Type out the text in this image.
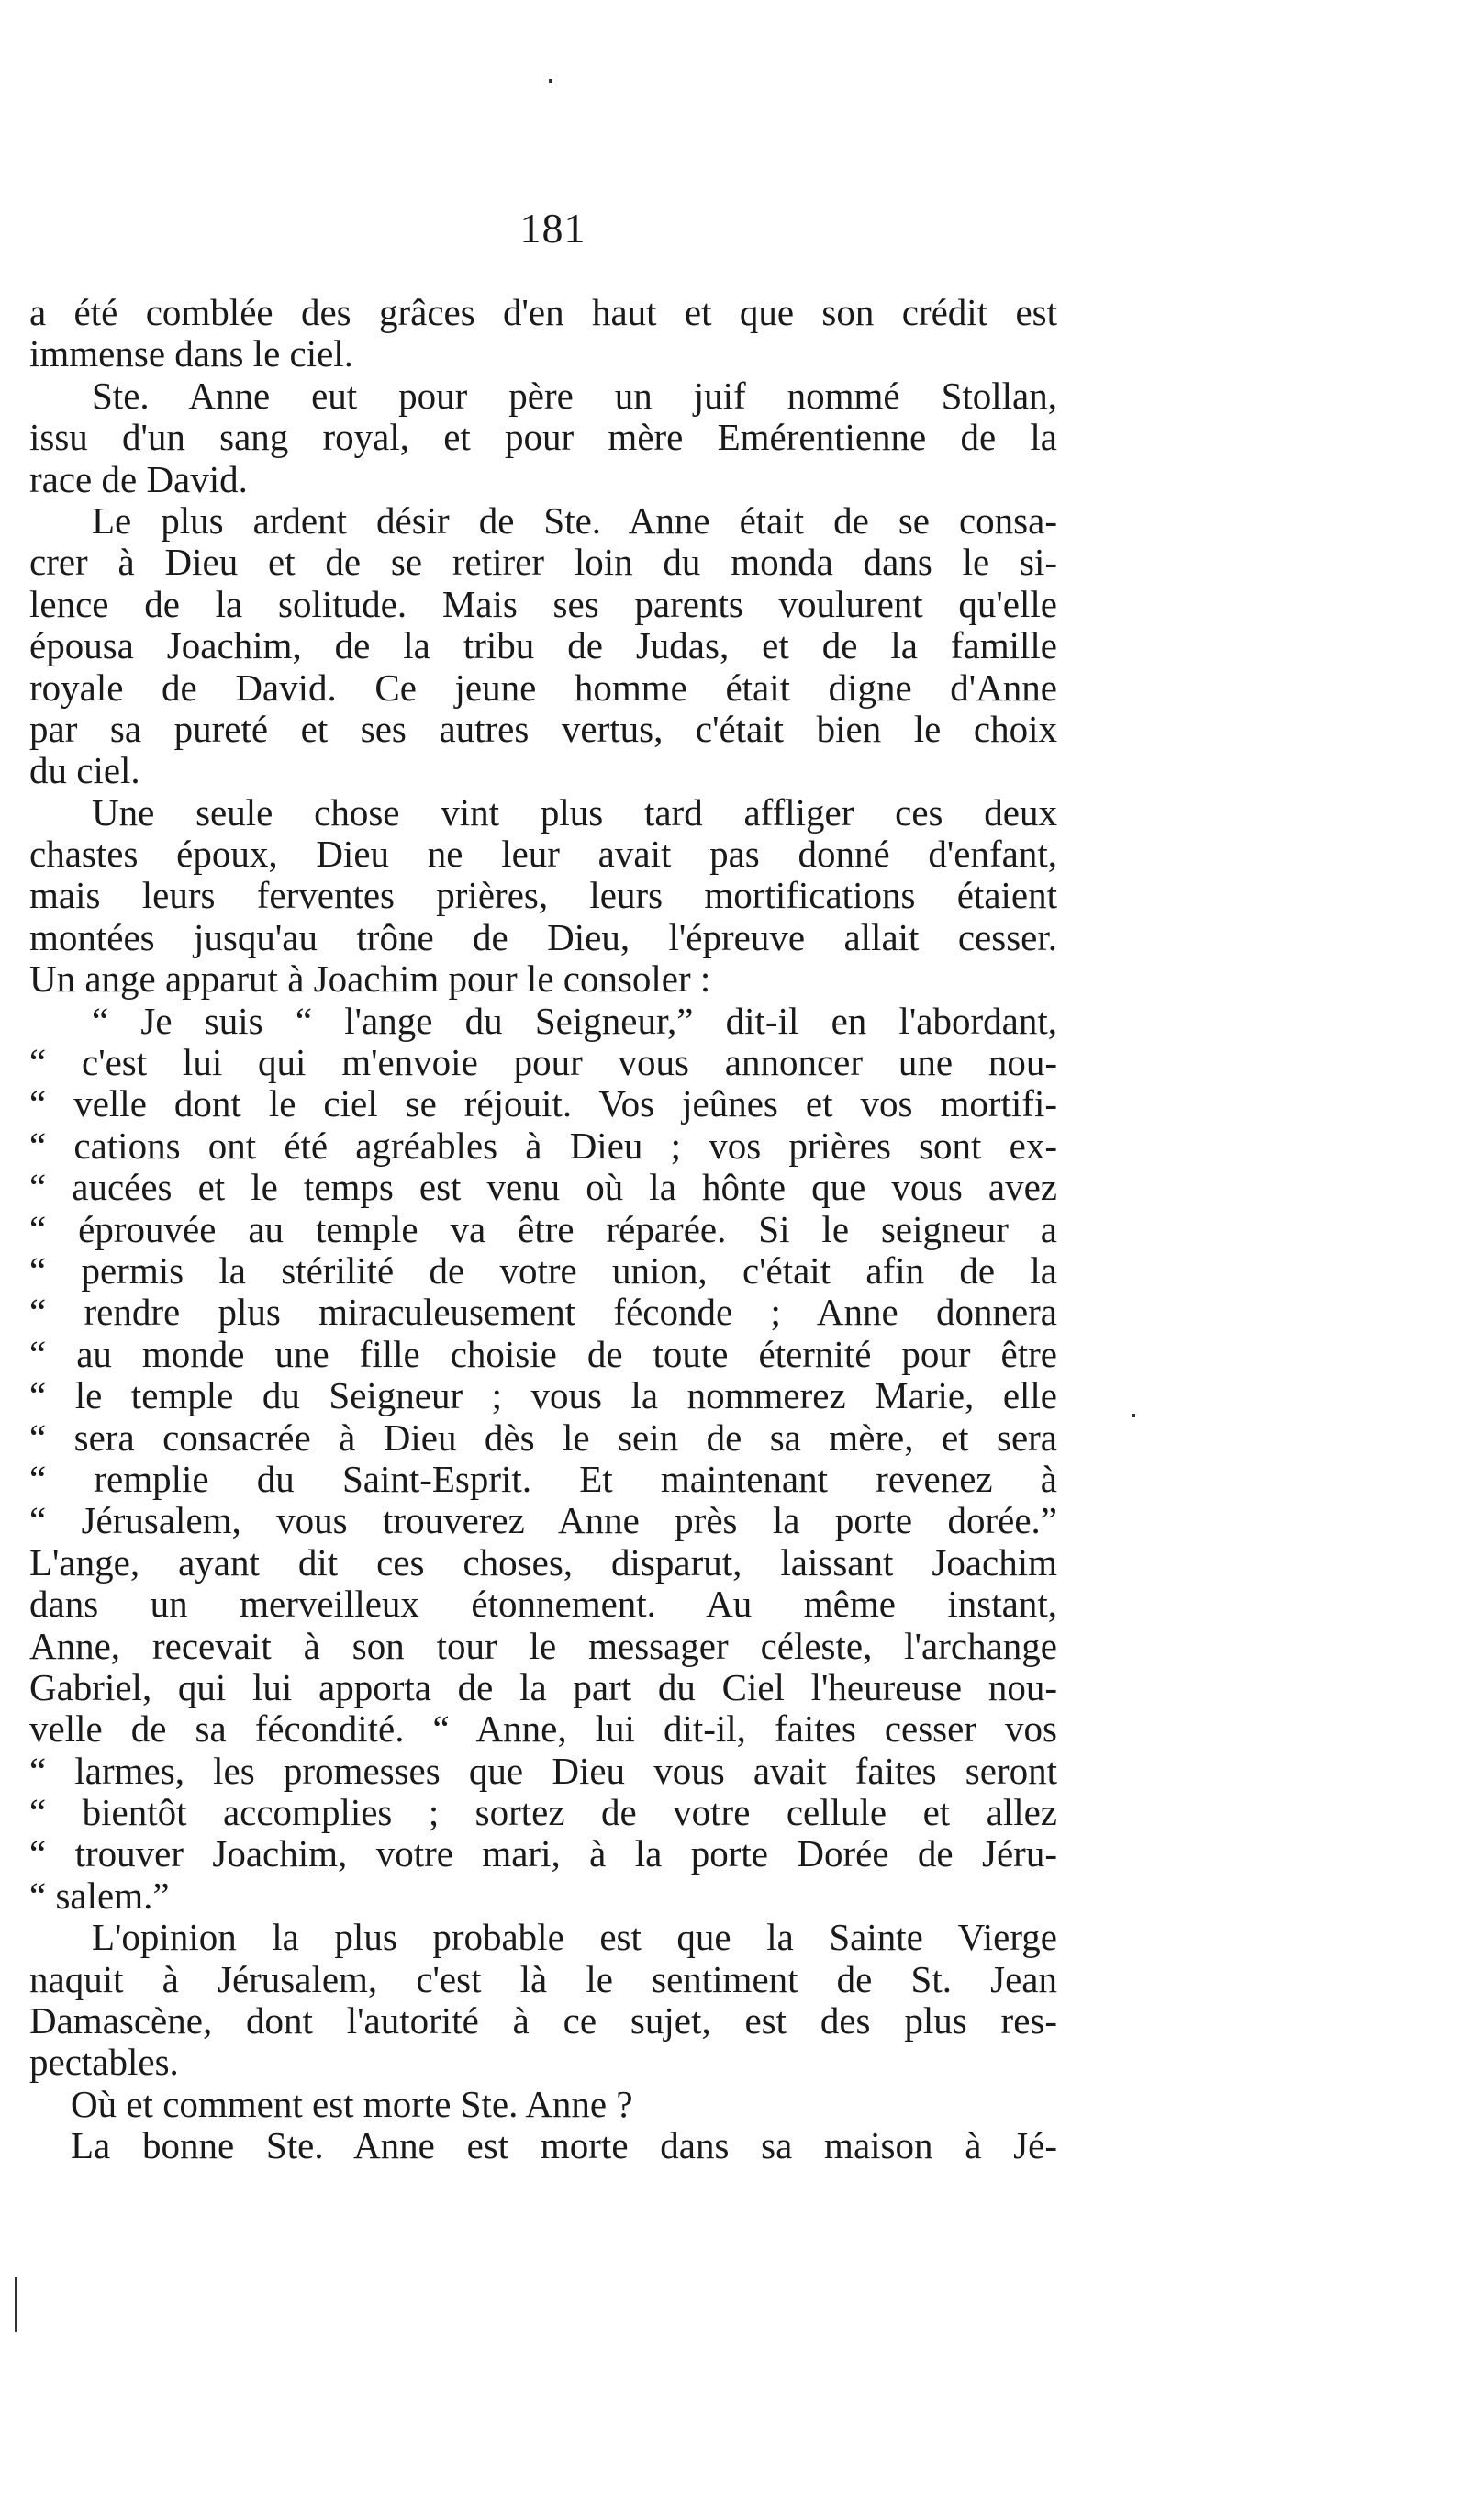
181
a été comblée des grâces d'en haut et que son crédit est
immense dans le ciel.
Ste. Anne eut pour père un juif nommé Stollan,
issu d'un sang royal, et pour mère Emérentienne de la
race de David.
Le plus ardent désir de Ste. Anne était de se consa-
crer à Dieu et de se retirer loin du monda dans le si-
lence de la solitude. Mais ses parents voulurent qu'elle
épousa Joachim, de la tribu de Judas, et de la famille
royale de David. Ce jeune homme était digne d'Anne
par sa pureté et ses autres vertus, c'était bien le choix
du ciel.
Une seule chose vint plus tard affliger ces deux
chastes époux, Dieu ne leur avait pas donné d'enfant,
mais leurs ferventes prières, leurs mortifications étaient
montées jusqu'au trône de Dieu, l'épreuve allait cesser.
Un ange apparut à Joachim pour le consoler :
“ Je suis “ l'ange du Seigneur,” dit-il en l'abordant,
“ c'est lui qui m'envoie pour vous annoncer une nou-
“ velle dont le ciel se réjouit. Vos jeûnes et vos mortifi-
“ cations ont été agréables à Dieu ; vos prières sont ex-
“ aucées et le temps est venu où la hônte que vous avez
“ éprouvée au temple va être réparée. Si le seigneur a
“ permis la stérilité de votre union, c'était afin de la
“ rendre plus miraculeusement féconde ; Anne donnera
“ au monde une fille choisie de toute éternité pour être
“ le temple du Seigneur ; vous la nommerez Marie, elle
“ sera consacrée à Dieu dès le sein de sa mère, et sera
“ remplie du Saint-Esprit. Et maintenant revenez à
“ Jérusalem, vous trouverez Anne près la porte dorée.”
L'ange, ayant dit ces choses, disparut, laissant Joachim
dans un merveilleux étonnement. Au même instant,
Anne, recevait à son tour le messager céleste, l'archange
Gabriel, qui lui apporta de la part du Ciel l'heureuse nou-
velle de sa fécondité. “ Anne, lui dit-il, faites cesser vos
“ larmes, les promesses que Dieu vous avait faites seront
“ bientôt accomplies ; sortez de votre cellule et allez
“ trouver Joachim, votre mari, à la porte Dorée de Jéru-
“ salem.”
L'opinion la plus probable est que la Sainte Vierge
naquit à Jérusalem, c'est là le sentiment de St. Jean
Damascène, dont l'autorité à ce sujet, est des plus res-
pectables.
Où et comment est morte Ste. Anne ?
La bonne Ste. Anne est morte dans sa maison à Jé-
